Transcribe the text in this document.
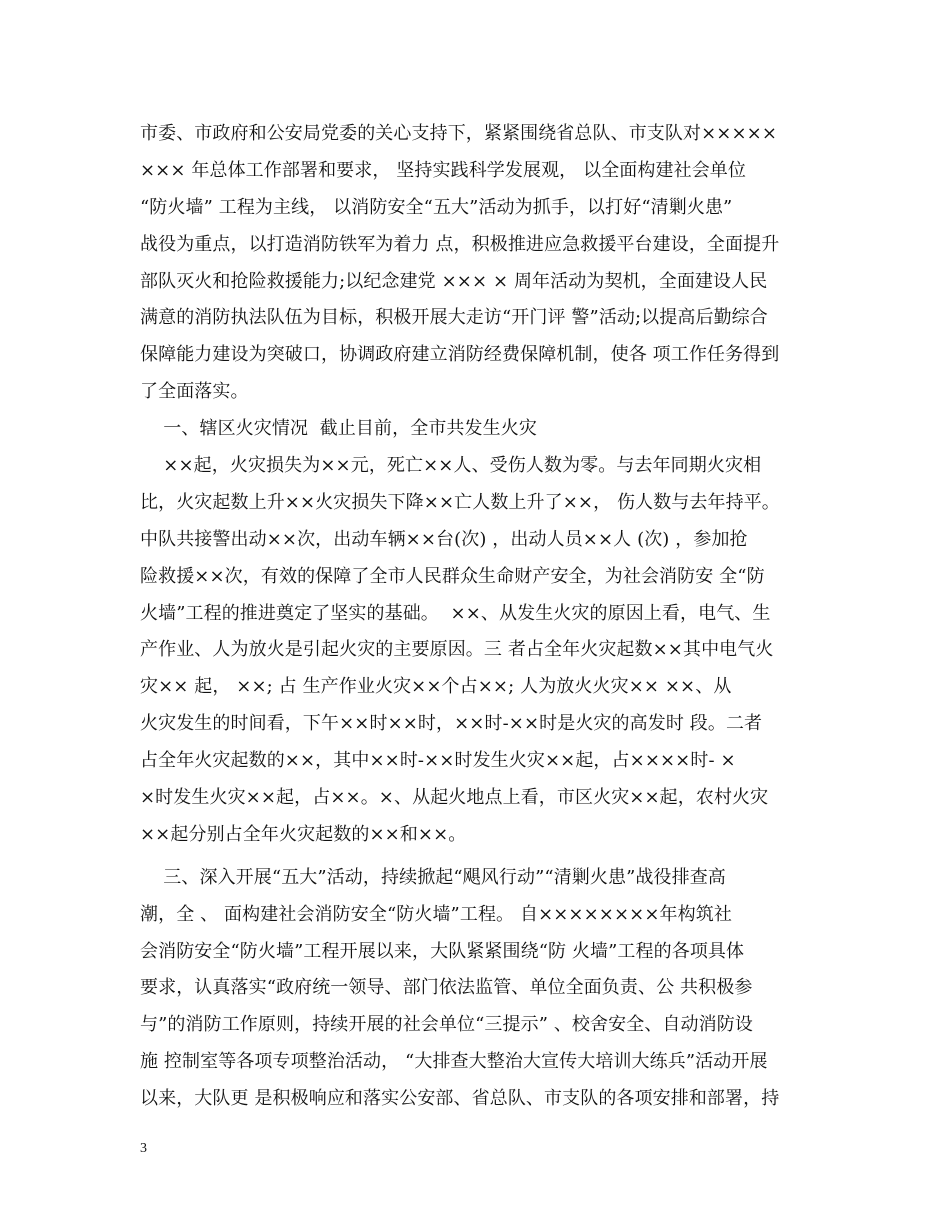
市委、市政府和公安局党委的关心支持下，紧紧围绕省总队、市支队对×××××
××× 年总体工作部署和要求， 坚持实践科学发展观， 以全面构建社会单位
“防火墙” 工程为主线， 以消防安全“五大”活动为抓手，以打好“清剿火患”
战役为重点，以打造消防铁军为着力 点，积极推进应急救援平台建设，全面提升
部队灭火和抢险救援能力;以纪念建党 ××× × 周年活动为契机，全面建设人民
满意的消防执法队伍为目标，积极开展大走访“开门评 警”活动;以提高后勤综合
保障能力建设为突破口，协调政府建立消防经费保障机制，使各 项工作任务得到
了全面落实。
一、辖区火灾情况  截止目前，全市共发生火灾
××起，火灾损失为××元，死亡××人、受伤人数为零。与去年同期火灾相
比，火灾起数上升××火灾损失下降××亡人数上升了××， 伤人数与去年持平。
中队共接警出动××次，出动车辆××台(次) ，出动人员××人 (次) ，参加抢
险救援××次，有效的保障了全市人民群众生命财产安全，为社会消防安 全“防
火墙”工程的推进奠定了坚实的基础。  ××、从发生火灾的原因上看，电气、生
产作业、人为放火是引起火灾的主要原因。三 者占全年火灾起数××其中电气火
灾×× 起， ××; 占 生产作业火灾××个占××; 人为放火火灾×× ××、从
火灾发生的时间看，下午××时××时，××时-××时是火灾的高发时 段。二者
占全年火灾起数的××，其中××时-××时发生火灾××起，占××××时- ×
×时发生火灾××起，占××。×、从起火地点上看，市区火灾××起，农村火灾
××起分别占全年火灾起数的××和××。
三、深入开展“五大”活动，持续掀起“飓风行动”“清剿火患”战役排查高
潮，全 、 面构建社会消防安全“防火墙”工程。 自××××××××年构筑社
会消防安全“防火墙”工程开展以来，大队紧紧围绕“防 火墙”工程的各项具体
要求，认真落实“政府统一领导、部门依法监管、单位全面负责、公 共积极参
与”的消防工作原则，持续开展的社会单位“三提示” 、校舍安全、自动消防设
施 控制室等各项专项整治活动， “大排查大整治大宣传大培训大练兵”活动开展
以来，大队更 是积极响应和落实公安部、省总队、市支队的各项安排和部署，持
3
